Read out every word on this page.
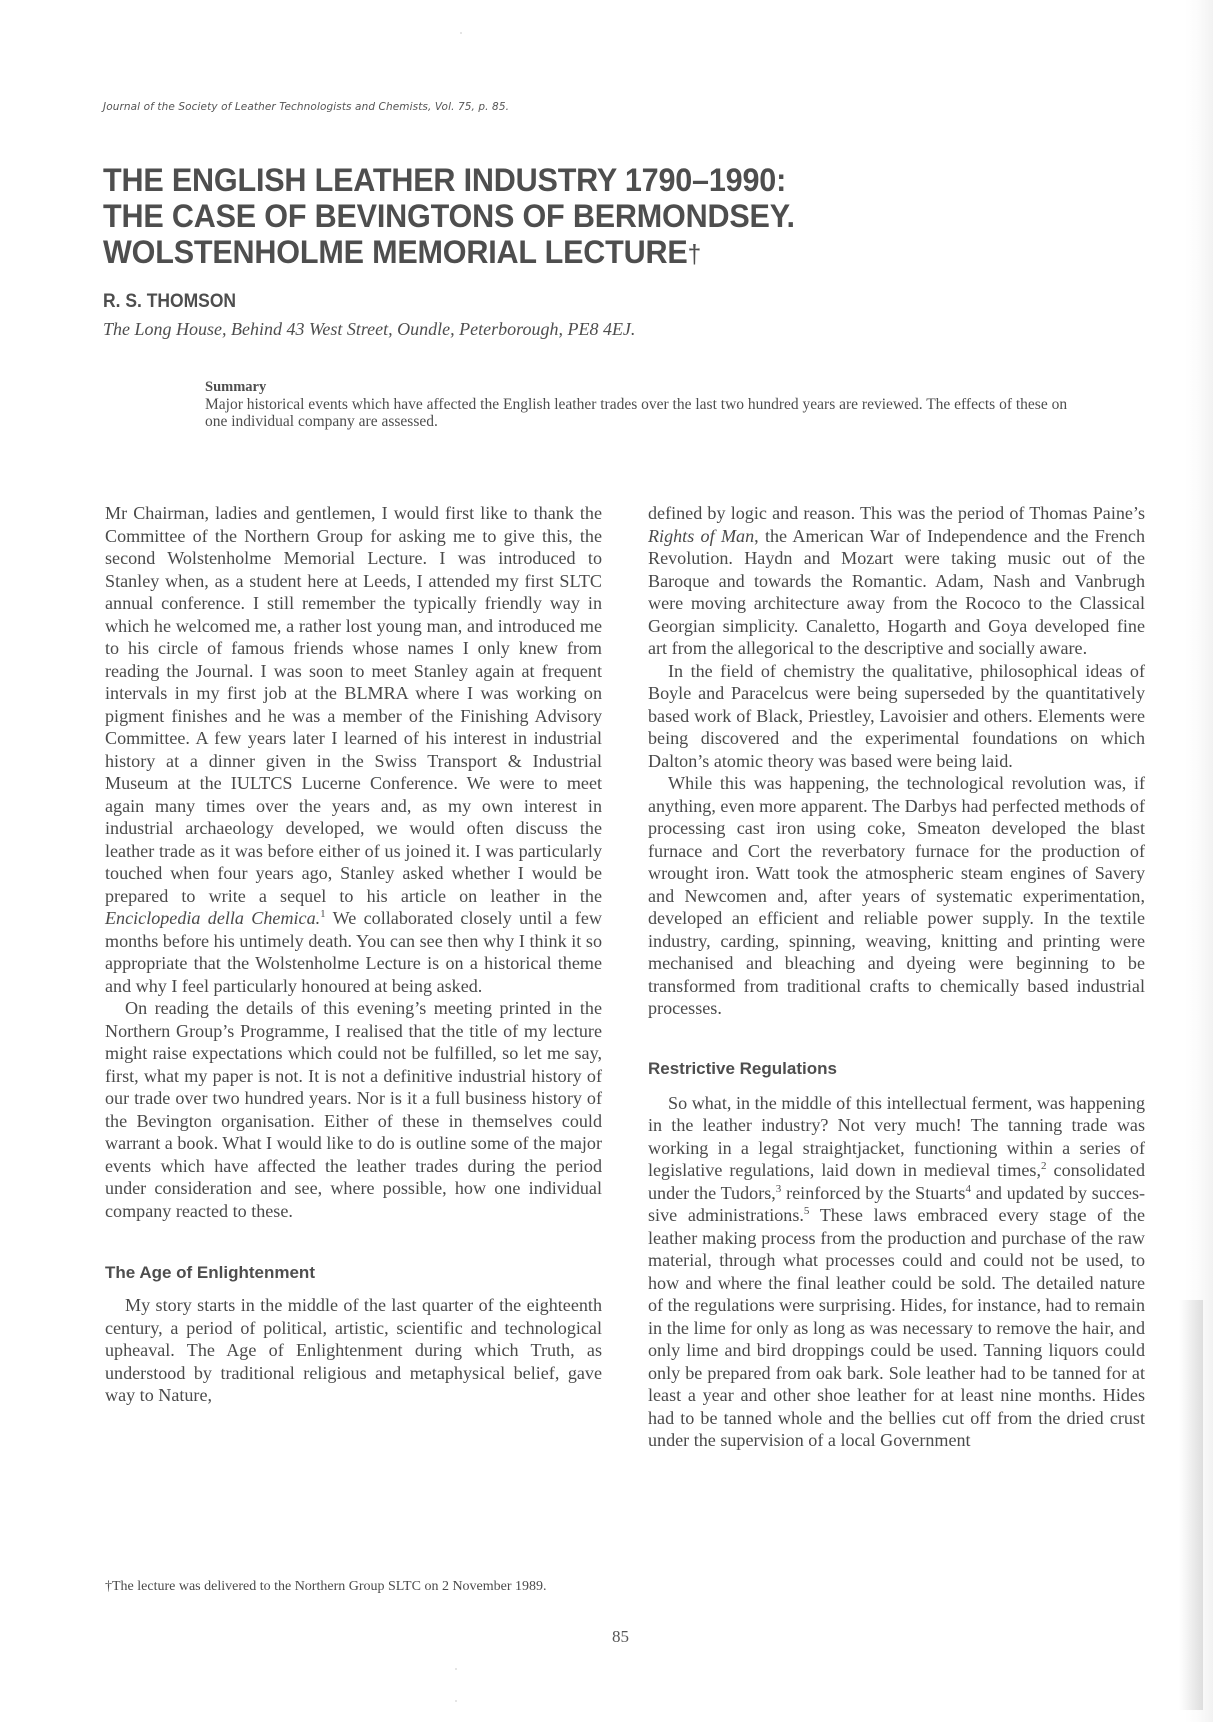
Journal of the Society of Leather Technologists and Chemists, Vol. 75, p. 85.
THE ENGLISH LEATHER INDUSTRY 1790–1990:
THE CASE OF BEVINGTONS OF BERMONDSEY.
WOLSTENHOLME MEMORIAL LECTURE†
R. S. THOMSON
The Long House, Behind 43 West Street, Oundle, Peterborough, PE8 4EJ.
Summary
Major historical events which have affected the English leather trades over the last two hundred years are reviewed. The effects of these on one individual company are assessed.

Mr Chairman, ladies and gentlemen, I would first like to thank the Committee of the Northern Group for asking me to give this, the second Wolstenholme Memorial Lecture. I was introduced to Stanley when, as a student here at Leeds, I attended my first SLTC annual conference. I still remember the typically friendly way in which he welcomed me, a rather lost young man, and introduced me to his circle of famous friends whose names I only knew from reading the Journal. I was soon to meet Stanley again at frequent intervals in my first job at the BLMRA where I was working on pigment finishes and he was a member of the Finishing Advisory Committee. A few years later I learned of his interest in industrial history at a dinner given in the Swiss Transport & Industrial Museum at the IULTCS Lucerne Conference. We were to meet again many times over the years and, as my own interest in industrial archaeology developed, we would often discuss the leather trade as it was before either of us joined it. I was particularly touched when four years ago, Stanley asked whether I would be prepared to write a sequel to his article on leather in the Enciclopedia della Chemica.$^1$ We collaborated closely until a few months before his untimely death. You can see then why I think it so appropriate that the Wolstenholme Lecture is on a historical theme and why I feel particularly honoured at being asked.

On reading the details of this evening’s meeting printed in the Northern Group’s Programme, I realised that the title of my lecture might raise expectations which could not be fulfilled, so let me say, first, what my paper is not. It is not a definitive industrial history of our trade over two hundred years. Nor is it a full business history of the Bevington organisation. Either of these in themselves could warrant a book. What I would like to do is outline some of the major events which have affected the leather trades during the period under consideration and see, where possible, how one individual company reacted to these.

The Age of Enlightenment

My story starts in the middle of the last quarter of the eighteenth century, a period of political, artistic, scientific and technological upheaval. The Age of Enlightenment during which Truth, as understood by traditional religious and metaphysical belief, gave way to Nature,

†The lecture was delivered to the Northern Group SLTC on 2 November 1989.

defined by logic and reason. This was the period of Thomas Paine’s Rights of Man, the American War of Independence and the French Revolution. Haydn and Mozart were taking music out of the Baroque and towards the Romantic. Adam, Nash and Vanbrugh were moving architecture away from the Rococo to the Classical Georgian simplicity. Canaletto, Hogarth and Goya developed fine art from the allegorical to the descriptive and socially aware.

In the field of chemistry the qualitative, philosophical ideas of Boyle and Paracelcus were being superseded by the quantitatively based work of Black, Priestley, Lavoisier and others. Elements were being discovered and the experimental foundations on which Dalton’s atomic theory was based were being laid.

While this was happening, the technological revolution was, if anything, even more apparent. The Darbys had perfected methods of processing cast iron using coke, Smeaton developed the blast furnace and Cort the reverbatory furnace for the production of wrought iron. Watt took the atmospheric steam engines of Savery and Newcomen and, after years of systematic experimentation, developed an efficient and reliable power supply. In the textile industry, carding, spinning, weaving, knitting and printing were mechanised and bleaching and dyeing were beginning to be transformed from traditional crafts to chemically based industrial processes.

Restrictive Regulations

So what, in the middle of this intellectual ferment, was happening in the leather industry? Not very much! The tanning trade was working in a legal straightjacket, functioning within a series of legislative regulations, laid down in medieval times,$^2$ consolidated under the Tudors,$^3$ reinforced by the Stuarts$^4$ and updated by successive administrations.$^5$ These laws embraced every stage of the leather making process from the production and purchase of the raw material, through what processes could and could not be used, to how and where the final leather could be sold. The detailed nature of the regulations were surprising. Hides, for instance, had to remain in the lime for only as long as was necessary to remove the hair, and only lime and bird droppings could be used. Tanning liquors could only be prepared from oak bark. Sole leather had to be tanned for at least a year and other shoe leather for at least nine months. Hides had to be tanned whole and the bellies cut off from the dried crust under the supervision of a local Government

85
